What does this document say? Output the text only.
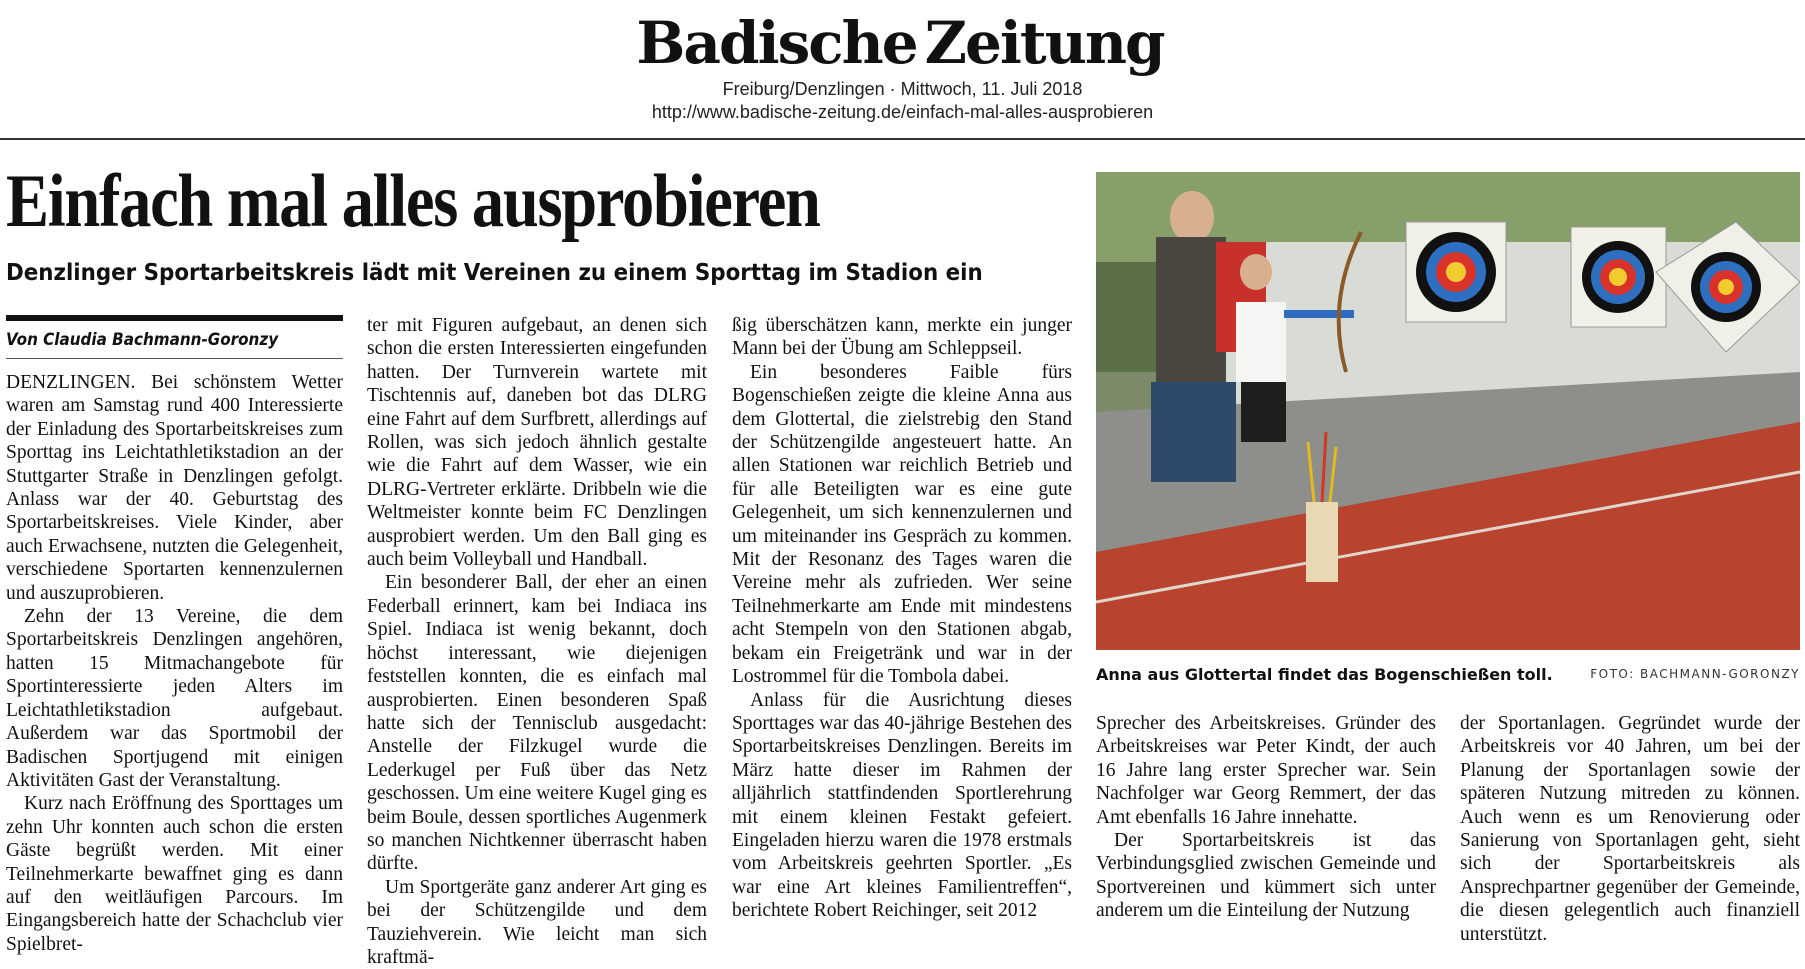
Badische Zeitung
Freiburg/Denzlingen · Mittwoch, 11. Juli 2018
http://www.badische-zeitung.de/einfach-mal-alles-ausprobieren
Einfach mal alles ausprobieren
Denzlinger Sportarbeitskreis lädt mit Vereinen zu einem Sporttag im Stadion ein
Von Claudia Bachmann-Goronzy

DENZLINGEN. Bei schönstem Wetter waren am Samstag rund 400 Interessierte der Einladung des Sportarbeitskreises zum Sporttag ins Leichtathletikstadion an der Stuttgarter Straße in Denzlingen gefolgt. Anlass war der 40. Geburtstag des Sportarbeitskreises. Viele Kinder, aber auch Erwachsene, nutzten die Gelegenheit, verschiedene Sportarten kennenzulernen und auszuprobieren.

Zehn der 13 Vereine, die dem Sportarbeitskreis Denzlingen angehören, hatten 15 Mitmachangebote für Sportinteressierte jeden Alters im Leichtathletikstadion aufgebaut. Außerdem war das Sportmobil der Badischen Sportjugend mit einigen Aktivitäten Gast der Veranstaltung.

Kurz nach Eröffnung des Sporttages um zehn Uhr konnten auch schon die ersten Gäste begrüßt werden. Mit einer Teilnehmerkarte bewaffnet ging es dann auf den weitläufigen Parcours. Im Eingangsbereich hatte der Schachclub vier Spielbret-

ter mit Figuren aufgebaut, an denen sich schon die ersten Interessierten eingefunden hatten. Der Turnverein wartete mit Tischtennis auf, daneben bot das DLRG eine Fahrt auf dem Surfbrett, allerdings auf Rollen, was sich jedoch ähnlich gestalte wie die Fahrt auf dem Wasser, wie ein DLRG-Vertreter erklärte. Dribbeln wie die Weltmeister konnte beim FC Denzlingen ausprobiert werden. Um den Ball ging es auch beim Volleyball und Handball.

Ein besonderer Ball, der eher an einen Federball erinnert, kam bei Indiaca ins Spiel. Indiaca ist wenig bekannt, doch höchst interessant, wie diejenigen feststellen konnten, die es einfach mal ausprobierten. Einen besonderen Spaß hatte sich der Tennisclub ausgedacht: Anstelle der Filzkugel wurde die Lederkugel per Fuß über das Netz geschossen. Um eine weitere Kugel ging es beim Boule, dessen sportliches Augenmerk so manchen Nichtkenner überrascht haben dürfte.

Um Sportgeräte ganz anderer Art ging es bei der Schützengilde und dem Tauziehverein. Wie leicht man sich kraftmä-

ßig überschätzen kann, merkte ein junger Mann bei der Übung am Schleppseil.

Ein besonderes Faible fürs Bogenschießen zeigte die kleine Anna aus dem Glottertal, die zielstrebig den Stand der Schützengilde angesteuert hatte. An allen Stationen war reichlich Betrieb und für alle Beteiligten war es eine gute Gelegenheit, um sich kennenzulernen und um miteinander ins Gespräch zu kommen. Mit der Resonanz des Tages waren die Vereine mehr als zufrieden. Wer seine Teilnehmerkarte am Ende mit mindestens acht Stempeln von den Stationen abgab, bekam ein Freigetränk und war in der Lostrommel für die Tombola dabei.

Anlass für die Ausrichtung dieses Sporttages war das 40-jährige Bestehen des Sportarbeitskreises Denzlingen. Bereits im März hatte dieser im Rahmen der alljährlich stattfindenden Sportlerehrung mit einem kleinen Festakt gefeiert. Eingeladen hierzu waren die 1978 erstmals vom Arbeitskreis geehrten Sportler. „Es war eine Art kleines Familientreffen“, berichtete Robert Reichinger, seit 2012

Anna aus Glottertal findet das Bogenschießen toll.	FOTO: BACHMANN-GORONZY

Sprecher des Arbeitskreises. Gründer des Arbeitskreises war Peter Kindt, der auch 16 Jahre lang erster Sprecher war. Sein Nachfolger war Georg Remmert, der das Amt ebenfalls 16 Jahre innehatte.

Der Sportarbeitskreis ist das Verbindungsglied zwischen Gemeinde und Sportvereinen und kümmert sich unter anderem um die Einteilung der Nutzung

der Sportanlagen. Gegründet wurde der Arbeitskreis vor 40 Jahren, um bei der Planung der Sportanlagen sowie der späteren Nutzung mitreden zu können. Auch wenn es um Renovierung oder Sanierung von Sportanlagen geht, sieht sich der Sportarbeitskreis als Ansprechpartner gegenüber der Gemeinde, die diesen gelegentlich auch finanziell unterstützt.
